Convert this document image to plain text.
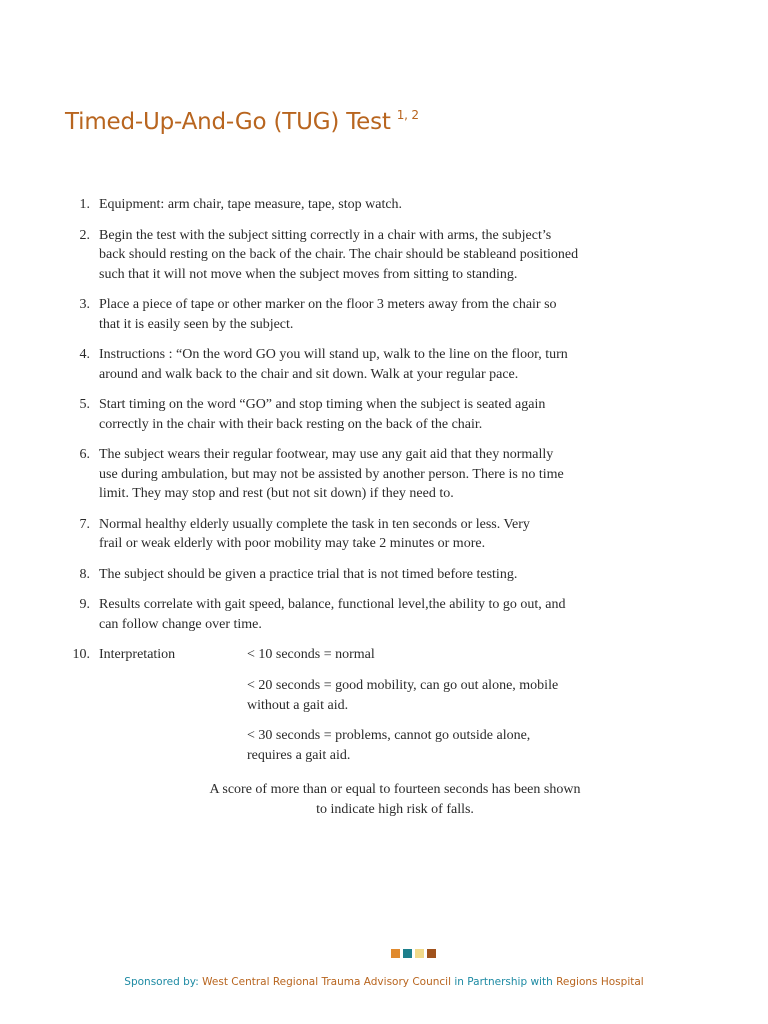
Timed-Up-And-Go (TUG) Test $^{1, 2}$
1. Equipment: arm chair, tape measure, tape, stop watch.
2. Begin the test with the subject sitting correctly in a chair with arms, the subject’s
back should resting on the back of the chair. The chair should be stableand positioned
such that it will not move when the subject moves from sitting to standing.
3. Place a piece of tape or other marker on the floor 3 meters away from the chair so
that it is easily seen by the subject.
4. Instructions : “On the word GO you will stand up, walk to the line on the floor, turn
around and walk back to the chair and sit down. Walk at your regular pace.
5. Start timing on the word “GO” and stop timing when the subject is seated again
correctly in the chair with their back resting on the back of the chair.
6. The subject wears their regular footwear, may use any gait aid that they normally
use during ambulation, but may not be assisted by another person. There is no time
limit. They may stop and rest (but not sit down) if they need to.
7. Normal healthy elderly usually complete the task in ten seconds or less. Very
frail or weak elderly with poor mobility may take 2 minutes or more.
8. The subject should be given a practice trial that is not timed before testing.
9. Results correlate with gait speed, balance, functional level,the ability to go out, and
can follow change over time.
10. Interpretation	< 10 seconds = normal
< 20 seconds = good mobility, can go out alone, mobile
without a gait aid.
< 30 seconds = problems, cannot go outside alone,
requires a gait aid.
A score of more than or equal to fourteen seconds has been shown
to indicate high risk of falls.
Sponsored by: West Central Regional Trauma Advisory Council in Partnership with Regions Hospital
